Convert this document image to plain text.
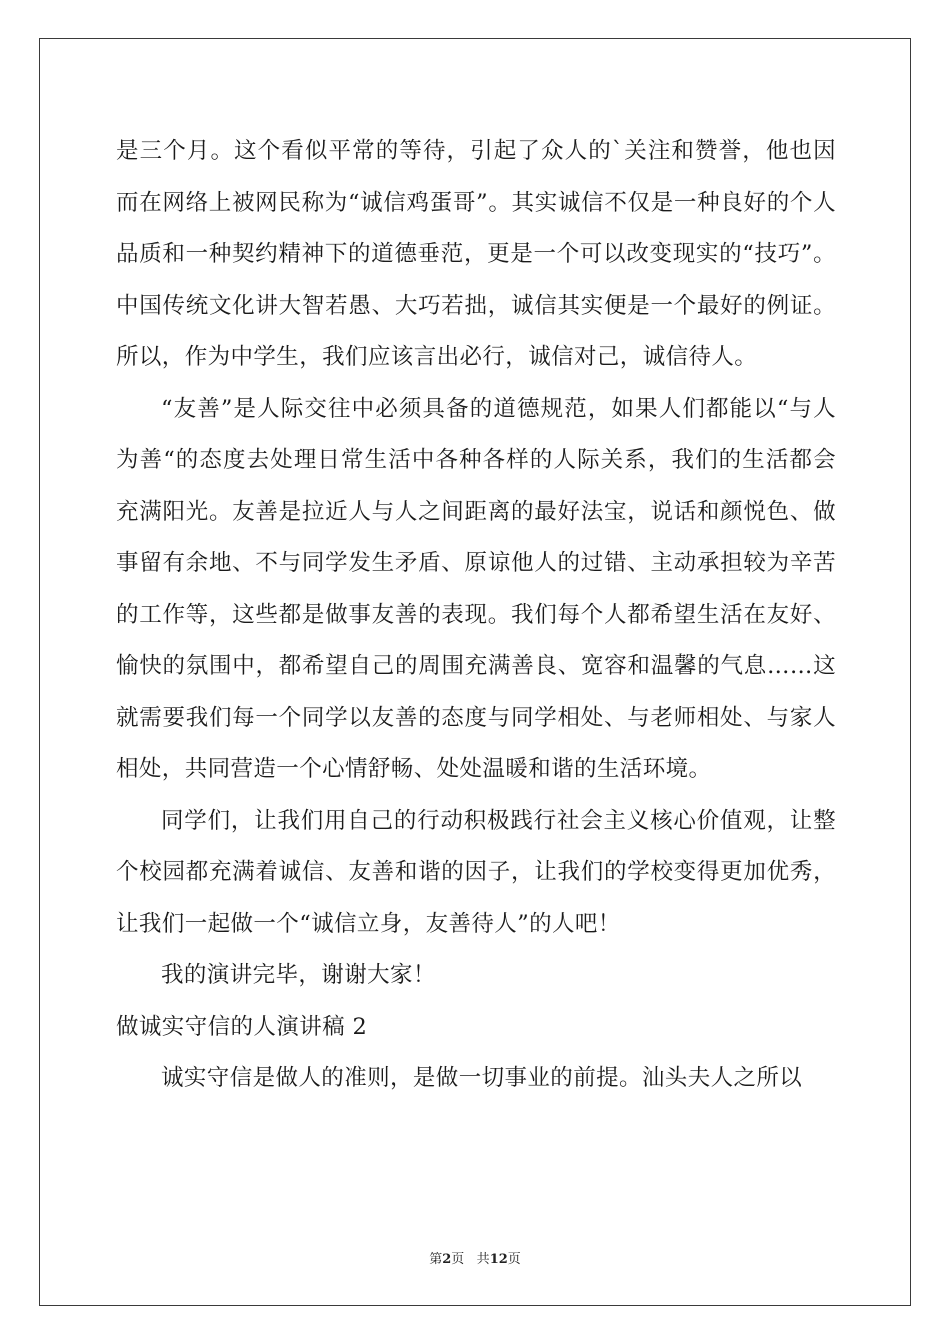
是三个月。这个看似平常的等待，引起了众人的`关注和赞誉，他也因而在网络上被网民称为“诚信鸡蛋哥”。其实诚信不仅是一种良好的个人品质和一种契约精神下的道德垂范，更是一个可以改变现实的“技巧”。中国传统文化讲大智若愚、大巧若拙，诚信其实便是一个最好的例证。所以，作为中学生，我们应该言出必行，诚信对己，诚信待人。

“友善”是人际交往中必须具备的道德规范，如果人们都能以“与人为善“的态度去处理日常生活中各种各样的人际关系，我们的生活都会充满阳光。友善是拉近人与人之间距离的最好法宝，说话和颜悦色、做事留有余地、不与同学发生矛盾、原谅他人的过错、主动承担较为辛苦的工作等，这些都是做事友善的表现。我们每个人都希望生活在友好、愉快的氛围中，都希望自己的周围充满善良、宽容和温馨的气息……这就需要我们每一个同学以友善的态度与同学相处、与老师相处、与家人相处，共同营造一个心情舒畅、处处温暖和谐的生活环境。

同学们，让我们用自己的行动积极践行社会主义核心价值观，让整个校园都充满着诚信、友善和谐的因子，让我们的学校变得更加优秀，让我们一起做一个“诚信立身，友善待人”的人吧！

我的演讲完毕，谢谢大家！

做诚实守信的人演讲稿 2

诚实守信是做人的准则，是做一切事业的前提。汕头夫人之所以

第2页 共12页
